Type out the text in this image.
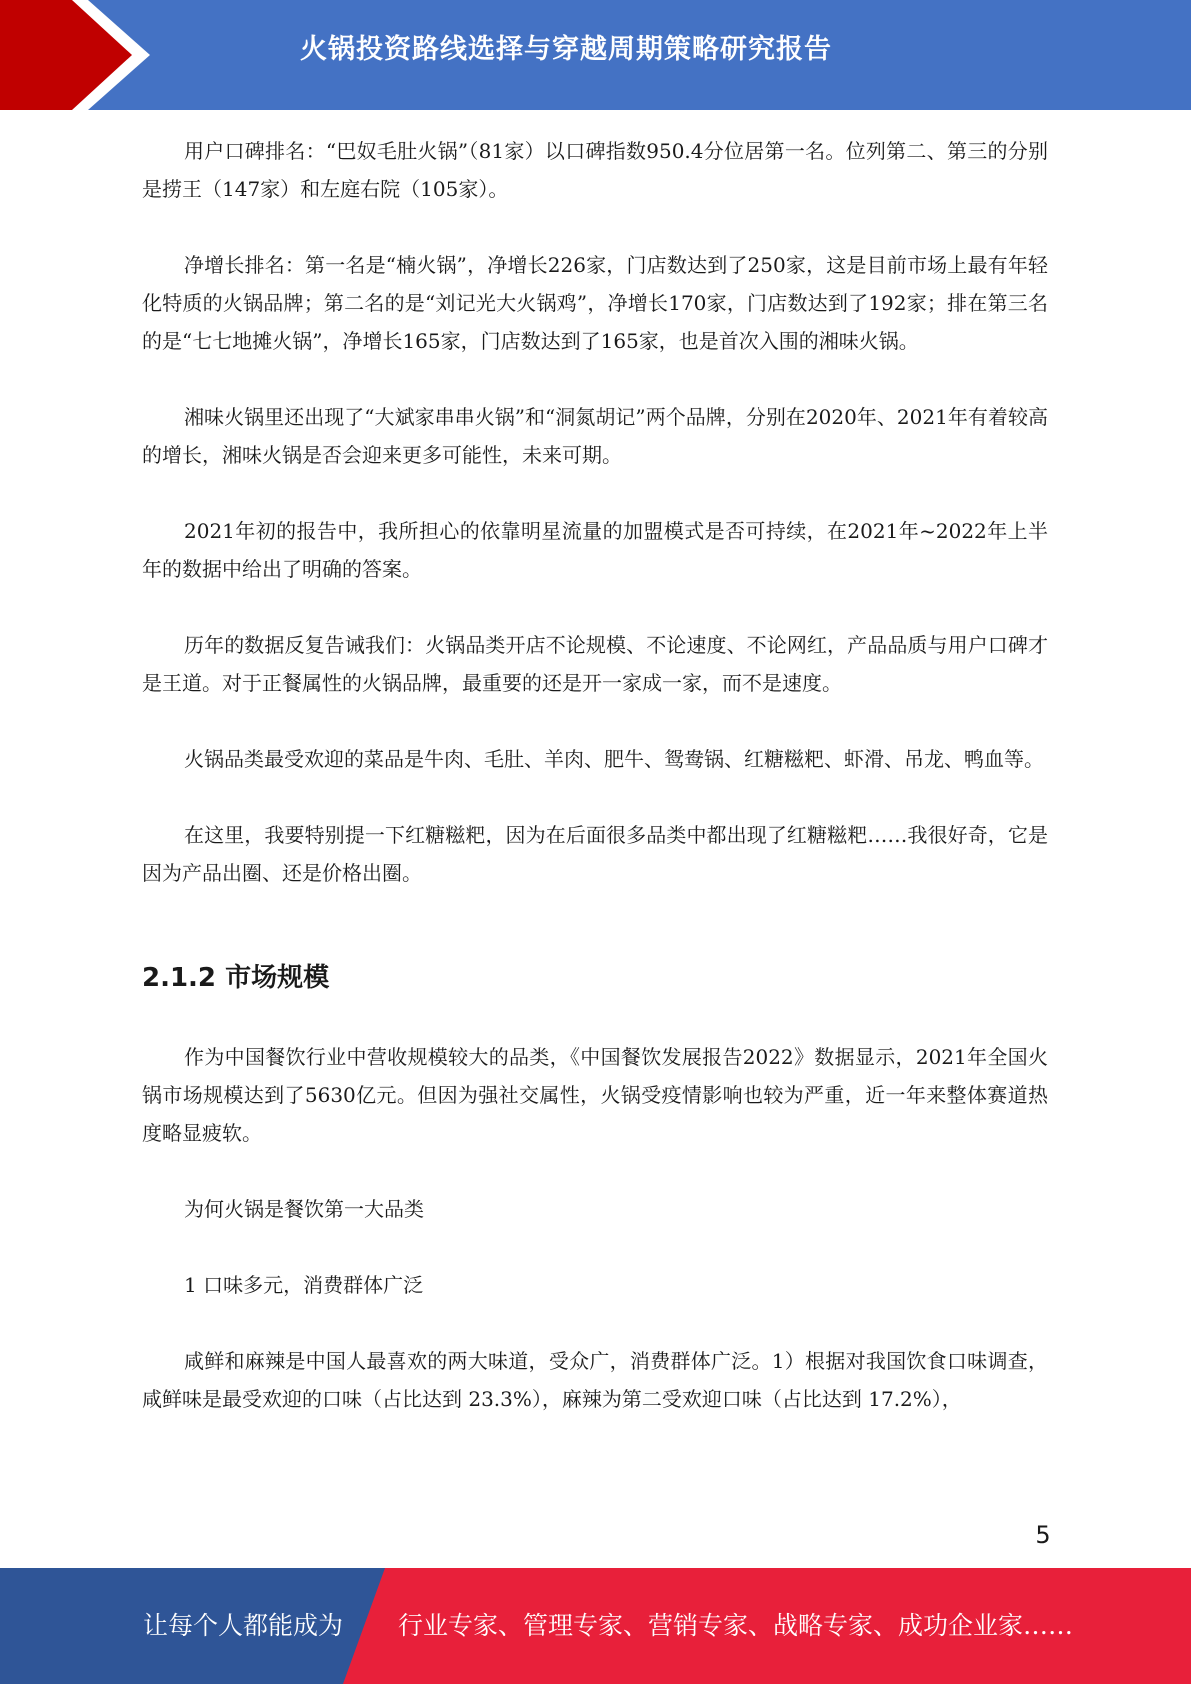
火锅投资路线选择与穿越周期策略研究报告

用户口碑排名：“巴奴毛肚火锅”（81家）以口碑指数950.4分位居第一名。位列第二、第三的分别是捞王（147家）和左庭右院（105家）。

净增长排名：第一名是“楠火锅”，净增长226家，门店数达到了250家，这是目前市场上最有年轻化特质的火锅品牌；第二名的是“刘记光大火锅鸡”，净增长170家，门店数达到了192家；排在第三名的是“七七地摊火锅”，净增长165家，门店数达到了165家，也是首次入围的湘味火锅。

湘味火锅里还出现了“大斌家串串火锅”和“洞氮胡记”两个品牌，分别在2020年、2021年有着较高的增长，湘味火锅是否会迎来更多可能性，未来可期。

2021年初的报告中，我所担心的依靠明星流量的加盟模式是否可持续，在2021年~2022年上半年的数据中给出了明确的答案。

历年的数据反复告诫我们：火锅品类开店不论规模、不论速度、不论网红，产品品质与用户口碑才是王道。对于正餐属性的火锅品牌，最重要的还是开一家成一家，而不是速度。

火锅品类最受欢迎的菜品是牛肉、毛肚、羊肉、肥牛、鸳鸯锅、红糖糍粑、虾滑、吊龙、鸭血等。

在这里，我要特别提一下红糖糍粑，因为在后面很多品类中都出现了红糖糍粑……我很好奇，它是因为产品出圈、还是价格出圈。

2.1.2 市场规模

作为中国餐饮行业中营收规模较大的品类，《中国餐饮发展报告2022》数据显示，2021年全国火锅市场规模达到了5630亿元。但因为强社交属性，火锅受疫情影响也较为严重，近一年来整体赛道热度略显疲软。

为何火锅是餐饮第一大品类

1 口味多元，消费群体广泛

咸鲜和麻辣是中国人最喜欢的两大味道，受众广，消费群体广泛。1）根据对我国饮食口味调查，咸鲜味是最受欢迎的口味（占比达到 23.3%），麻辣为第二受欢迎口味（占比达到 17.2%），

5
让每个人都能成为 行业专家、管理专家、营销专家、战略专家、成功企业家……
